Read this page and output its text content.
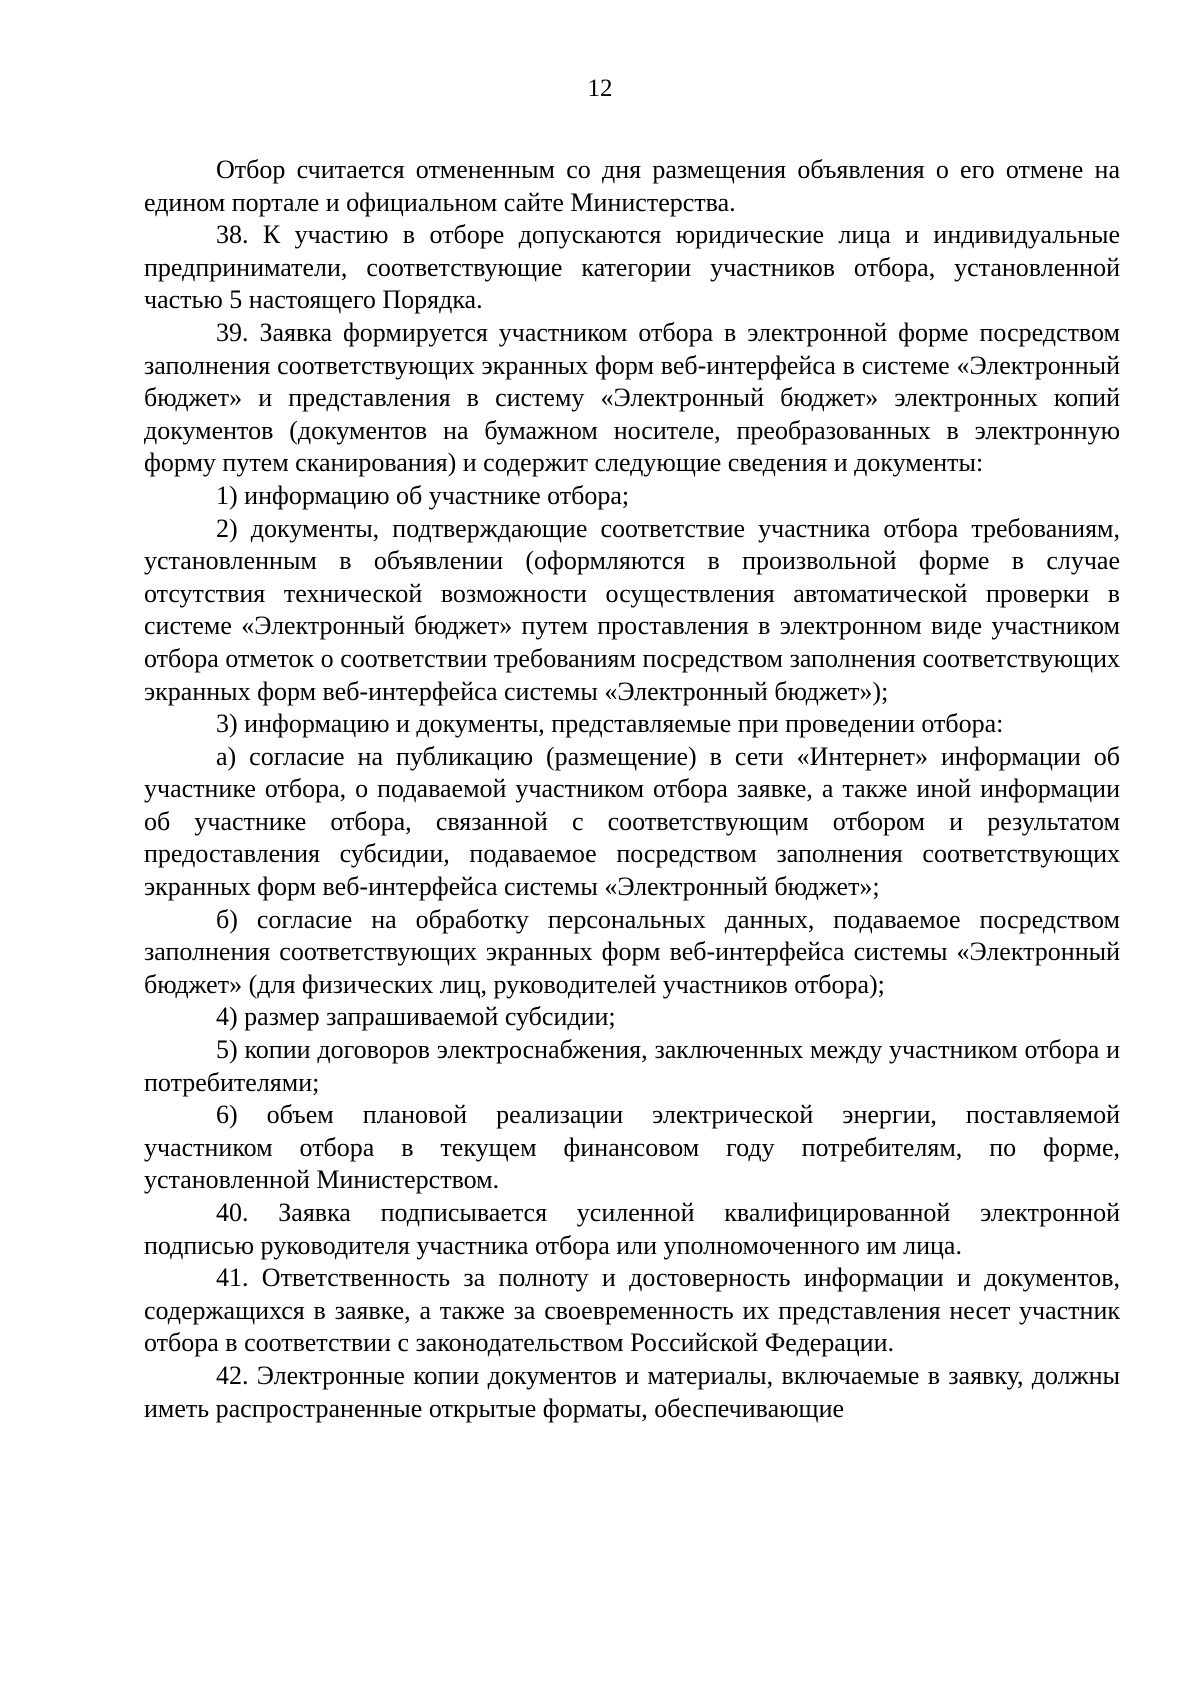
12

Отбор считается отмененным со дня размещения объявления о его отмене на едином портале и официальном сайте Министерства.

38. К участию в отборе допускаются юридические лица и индивидуальные предприниматели, соответствующие категории участников отбора, установленной частью 5 настоящего Порядка.

39. Заявка формируется участником отбора в электронной форме посредством заполнения соответствующих экранных форм веб-интерфейса в системе «Электронный бюджет» и представления в систему «Электронный бюджет» электронных копий документов (документов на бумажном носителе, преобразованных в электронную форму путем сканирования) и содержит следующие сведения и документы:

1) информацию об участнике отбора;

2) документы, подтверждающие соответствие участника отбора требованиям, установленным в объявлении (оформляются в произвольной форме в случае отсутствия технической возможности осуществления автоматической проверки в системе «Электронный бюджет» путем проставления в электронном виде участником отбора отметок о соответствии требованиям посредством заполнения соответствующих экранных форм веб-интерфейса системы «Электронный бюджет»);

3) информацию и документы, представляемые при проведении отбора:

а) согласие на публикацию (размещение) в сети «Интернет» информации об участнике отбора, о подаваемой участником отбора заявке, а также иной информации об участнике отбора, связанной с соответствующим отбором и результатом предоставления субсидии, подаваемое посредством заполнения соответствующих экранных форм веб-интерфейса системы «Электронный бюджет»;

б) согласие на обработку персональных данных, подаваемое посредством заполнения соответствующих экранных форм веб-интерфейса системы «Электронный бюджет» (для физических лиц, руководителей участников отбора);

4) размер запрашиваемой субсидии;

5) копии договоров электроснабжения, заключенных между участником отбора и потребителями;

6) объем плановой реализации электрической энергии, поставляемой участником отбора в текущем финансовом году потребителям, по форме, установленной Министерством.

40. Заявка подписывается усиленной квалифицированной электронной подписью руководителя участника отбора или уполномоченного им лица.

41. Ответственность за полноту и достоверность информации и документов, содержащихся в заявке, а также за своевременность их представления несет участник отбора в соответствии с законодательством Российской Федерации.

42. Электронные копии документов и материалы, включаемые в заявку, должны иметь распространенные открытые форматы, обеспечивающие
